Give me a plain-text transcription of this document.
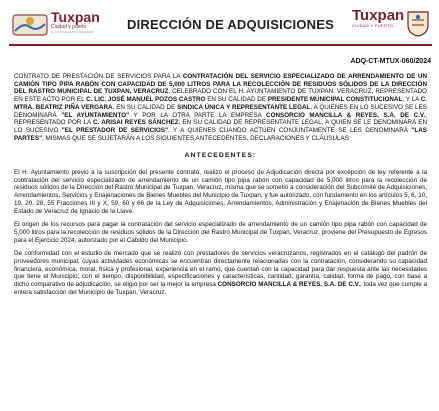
Tuxpan
Ciudad y puerto
H. AYUNTAMIENTO 2022-2025	DIRECCIÓN DE ADQUISICIONES
Tuxpan
CIUDAD Y PUERTO
ADQ-CT-MTUX-060/2024

CONTRATO DE PRESTACIÓN DE SERVICIOS PARA LA CONTRATACIÓN DEL SERVICIO ESPECIALIZADO DE ARRENDAMIENTO DE UN CAMIÓN TIPO PIPA RABÓN CON CAPACIDAD DE 5,000 LITROS PARA LA RECOLECCIÓN DE RESIDUOS SÓLIDOS DE LA DIRECCIÓN DEL RASTRO MUNICIPAL DE TUXPAN, VERACRUZ, CELEBRADO CON EL H. AYUNTAMIENTO DE TUXPAN, VERACRUZ, REPRESENTADO EN ESTE ACTO POR EL C. LIC. JOSÉ MANUEL POZOS CASTRO EN SU CALIDAD DE PRESIDENTE MUNICIPAL CONSTITUCIONAL, Y LA C. MTRA. BEATRIZ PIÑA VERGARA, EN SU CALIDAD DE SINDICA ÚNICA Y REPRESENTANTE LEGAL, A QUIENES EN LO SUCESIVO SE LES DENOMINARÁ "EL AYUNTAMIENTO" Y POR LA OTRA PARTE LA EMPRESA CONSORCIO MANCILLA & REYES, S.A. DE C.V., REPRESENTADO POR LA C. ARISAI REYES SÁNCHEZ, EN SU CALIDAD DE REPRESENTANTE LEGAL, A QUIEN SE LE DENOMINARÁ EN LO SUCESIVO "EL PRESTADOR DE SERVICIOS", Y A QUIENES CUANDO ACTÚEN CONJUNTAMENTE SE LES DENOMINARÁ "LAS PARTES", MISMAS QUE SE SUJETARÁN A LOS SIGUIENTES ANTECEDENTES, DECLARACIONES Y CLÁUSULAS:

ANTECEDENTES:

El H. Ayuntamiento previo a la suscripción del presente contrato, realizó el proceso de Adjudicación directa por excepción de ley referente a la contratación del servicio especializado de arrendamiento de un camión tipo pipa rabón con capacidad de 5,000 litros para la recolección de residuos sólidos de la Dirección del Rastro Municipal de Tuxpan, Veracruz, misma que se sometió a consideración del Subcomité de Adquisiciones, Arrendamientos, Servicios y Enajenaciones de Bienes Muebles del Municipio de Tuxpan, y fue autorizado, con fundamento en los artículos 5, 6, 10, 19, 20, 28, 55 Fracciones III y X, 59, 60 y 66 de la Ley de Adquisiciones, Arrendamientos, Administración y Enajenación de Bienes Muebles del Estado de Veracruz de Ignacio de la Llave.

El origen de los recursos para pagar la contratación del servicio especializado de arrendamiento de un camión tipo pipa rabón con capacidad de 5,000 litros para la recolección de residuos sólidos de la Dirección del Rastro Municipal de Tuxpan, Veracruz, proviene del Presupuesto de Egresos para el Ejercicio 2024, autorizado por el Cabildo del Municipio.

De conformidad con el estudio de mercado que se realizó con prestadores de servicios veracruzanos, registrados en el catálogo del padrón de proveedores municipal, cuyas actividades económicas se encuentran directamente relacionadas con la contratación, considerando su capacidad financiera, económica, moral, física y profesional, experiencia en el ramo, que cuentan con la capacidad para dar respuesta ante las necesidades que tiene el Municipio, con el tiempo, disponibilidad, especificaciones y características, cantidad, garantía, calidad, forma de pago, con base a dicho comparativo de adjudicación, se eligió por ser la mejor la empresa CONSORCIO MANCILLA & REYES, S.A. DE C.V., toda vez que cumple a entera satisfacción del Municipio de Tuxpan, Veracruz.
